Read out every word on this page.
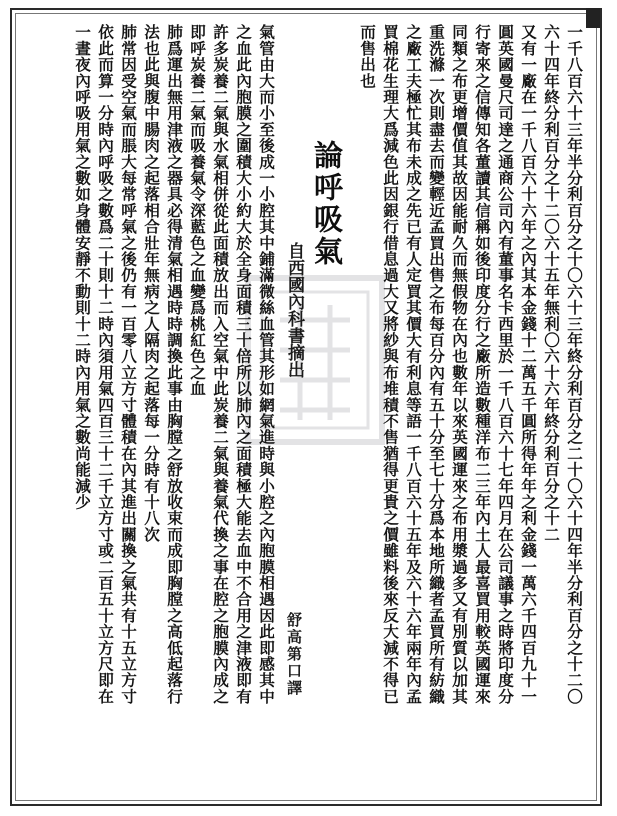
一千八百六十三年半分利百分之十〇六十三年終分利百分之二十〇六十四年半分利百分之十二〇
六十四年終分利百分之十二〇六十五年無利〇六十六年終分利百分之十二
又有一廠在一千八百六十六年之內其本金錢十二萬五千圓所得年年之利金錢一萬六千四百九十一
圓英國曼尺司達之通商公司內有董事名卡西里於一千八百六十七年四月在公司議事之時將印度分
行寄來之信傳知各董讀其信稱如後印度分行之廠所造數種洋布二三年內土人最喜買用較英國運來
同類之布更增價值其故因能耐久而無假物在內也數年以來英國運來之布用漿過多又有別質以加其
重洗滌一次則盡去而變輕近孟買出售之布每百分內有五十分至七十分爲本地所織者孟買所有紡織
之廠工夫極忙其布未成之先已有人定買其價大有利息等語一千八百六十五年及六十六年兩年內孟
買棉花生理大爲減色此因銀行借息過大又將紗與布堆積不售猶得更貴之價雖料後來反大減不得已
而售出也
論呼吸氣
自西國內科書摘出
舒高第口譯
氣管由大而小至後成一小腔其中鋪滿微絲血管其形如網氣進時與小腔之內胞膜相遇因此即感其中
之血此內胞膜之圍積大小約大於全身面積三十倍所以肺內之面積極大能去血中不合用之津液即有
許多炭養二氣與水氣相併從此面積放出而入空氣中此炭養二氣與養氣代換之事在腔之胞膜內成之
即呼炭養二氣而吸養氣令深藍色之血變爲桃紅色之血
肺爲運出無用津液之器具必得清氣相遇時時調換此事由胸膛之舒放收束而成即胸膛之高低起落行
法也此與腹中腸肉之起落相合壯年無病之人隔肉之起落每一分時有十八次
肺常因受空氣而脹大每常呼氣之後仍有一百零八立方寸體積在內其進出關換之氣共有十五立方寸
依此而算一分時內呼吸之數爲二十則十二時內須用氣四百三十二千立方寸或二百五十立方尺即在
一晝夜內呼吸用氣之數如身體安靜不動則十二時內用氣之數尚能減少
